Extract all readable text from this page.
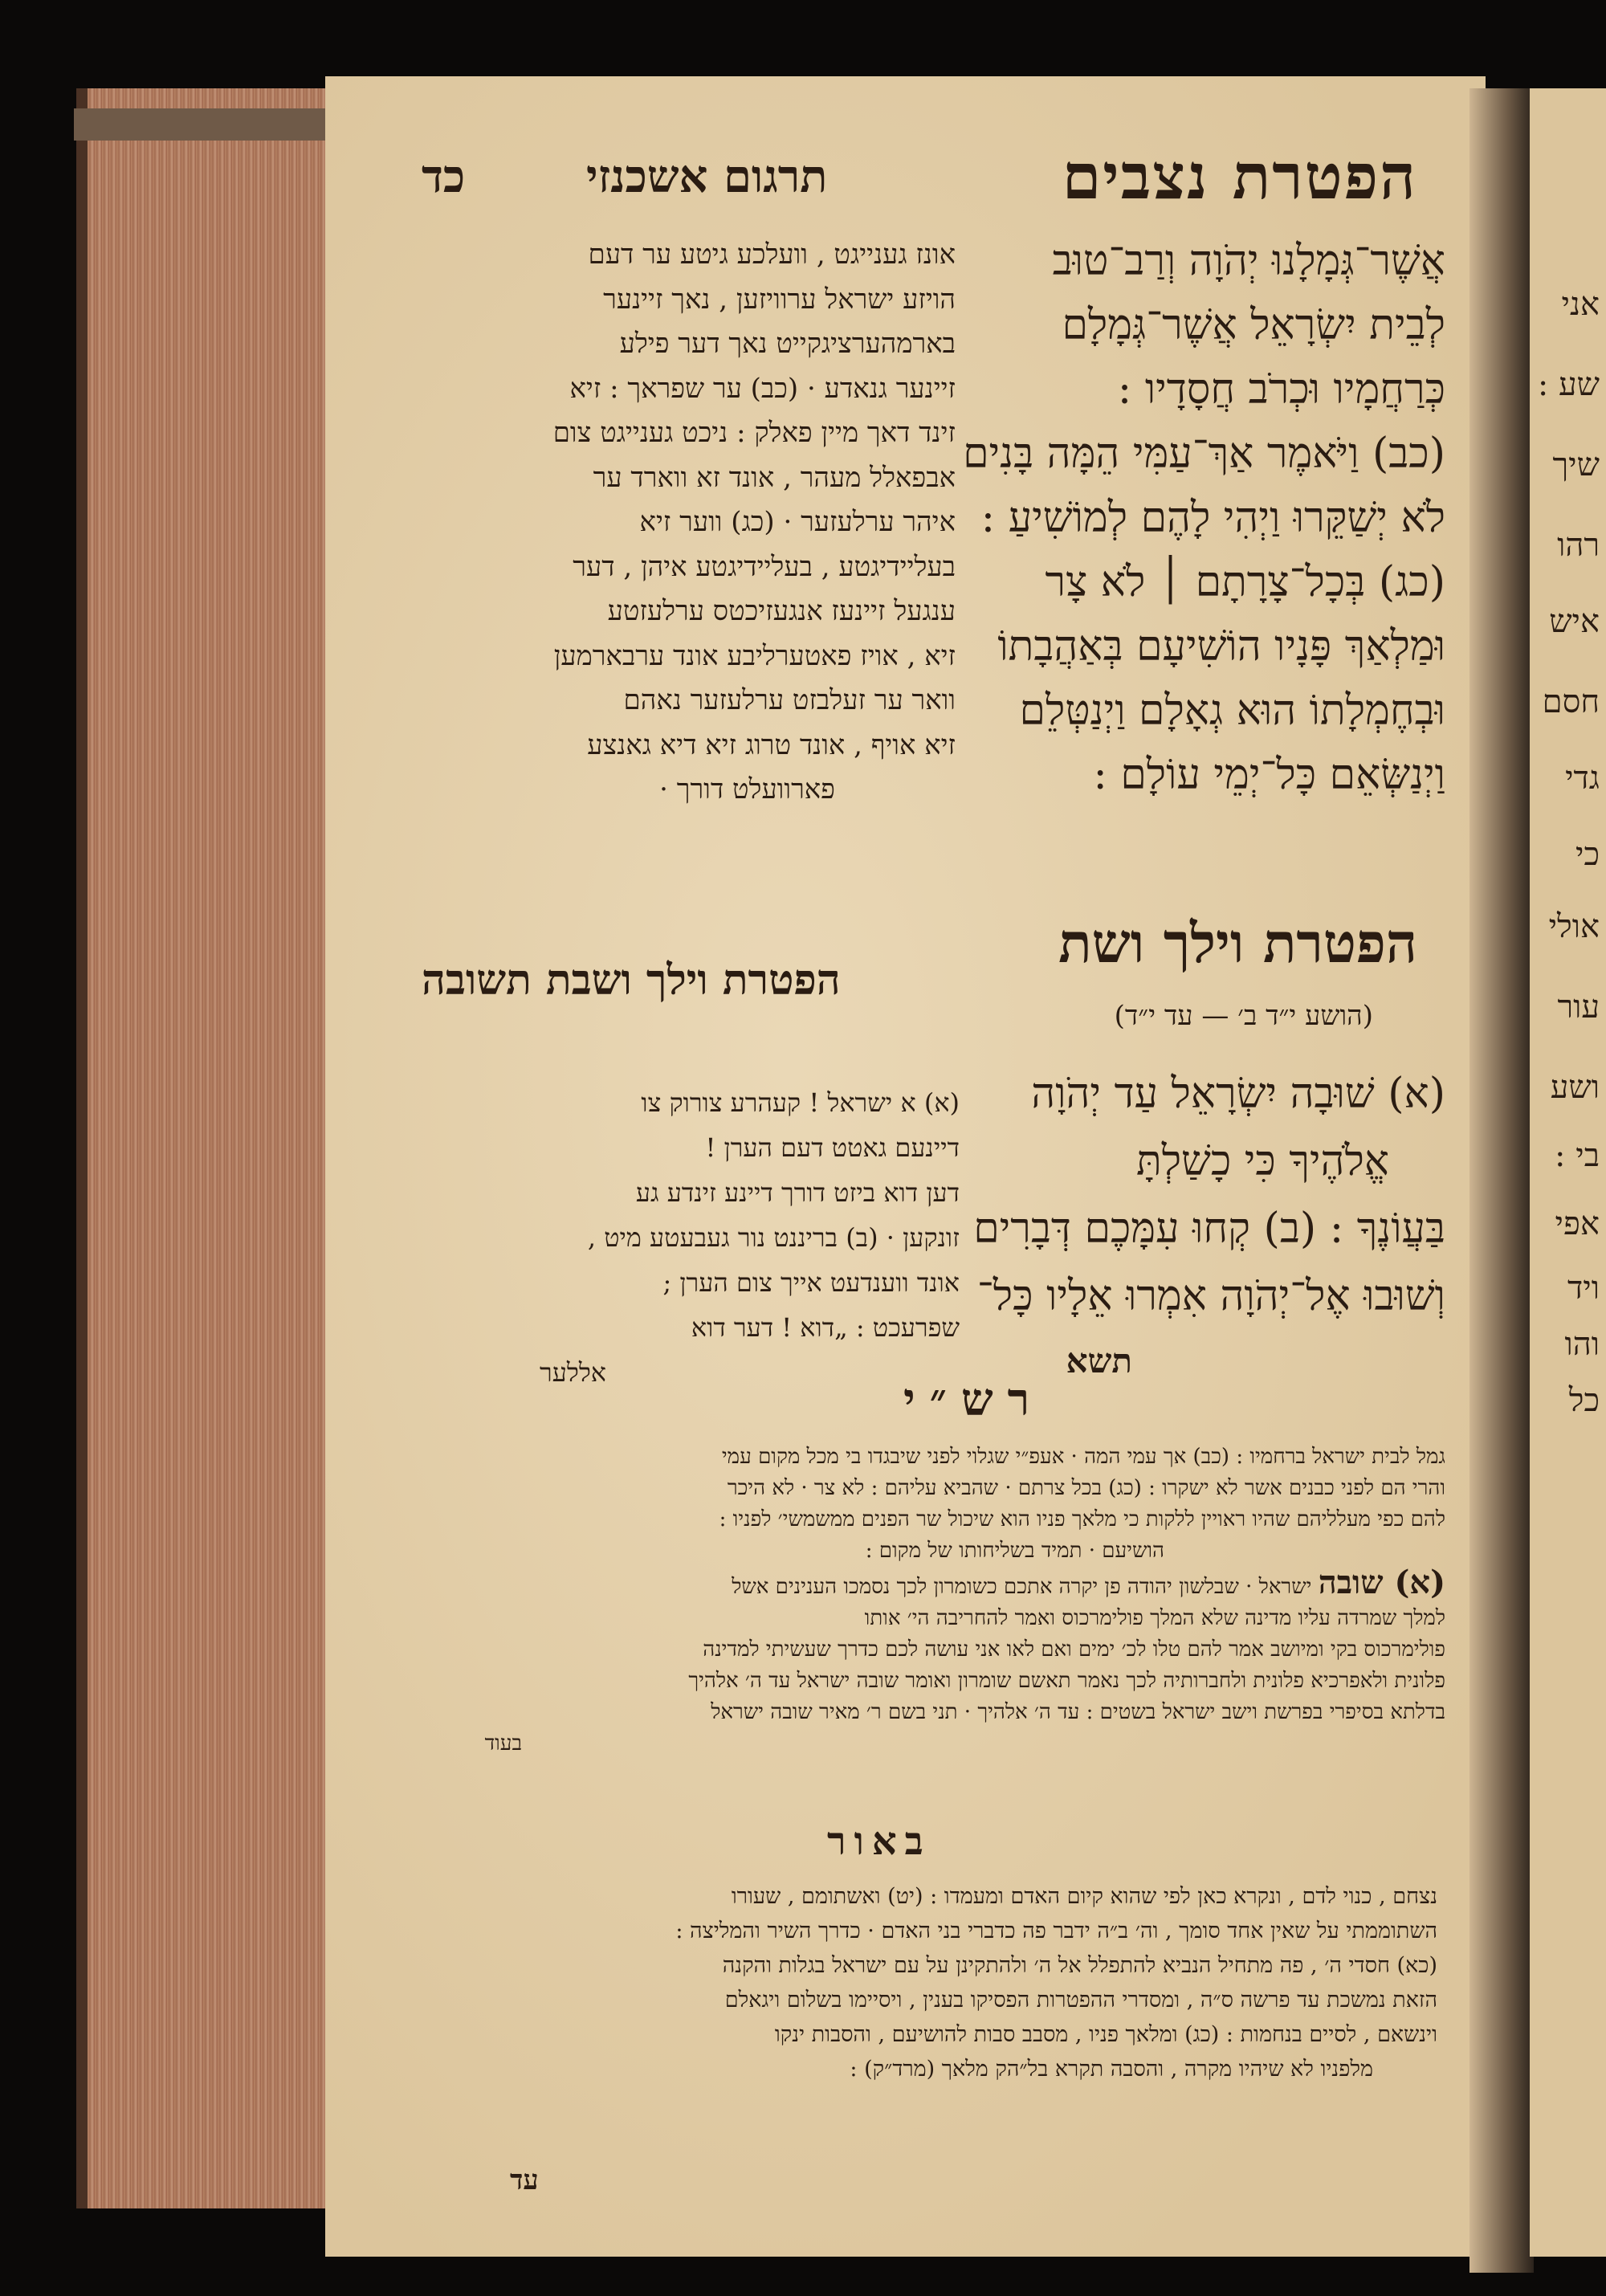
הפטרת נצבים
תרגום אשכנזי
כד
אֲשֶׁר־גְּמָלָנוּ יְהֹוָה וְרַב־טוּב
לְבֵית יִשְׂרָאֵל אֲשֶׁר־גְּמָלָם
כְּרַחֲמָיו וּכְרֹב חֲסָדָיו :
(כב) וַיֹּאמֶר אַךְ־עַמִּי הֵמָּה בָּנִים
לֹא יְשַׁקֵּרוּ וַיְהִי לָהֶם לְמוֹשִׁיעַ :
(כג) בְּכָל־צָרָתָם ׀ לֹא צָר
וּמַלְאַךְ פָּנָיו הוֹשִׁיעָם בְּאַהֲבָתוֹ
וּבְחֶמְלָתוֹ הוּא גְאָלָם וַיְנַטְּלֵם
וַיְנַשְּׂאֵם כָּל־יְמֵי עוֹלָם :
אונז גענייגט , וועלכע גיטע ער דעם
הויזע ישראל ערוויזען , נאך זיינער
בארמהערציגקייט נאך דער פילע
זיינער גנאדע · (כב) ער שפראך : זיא
זינד דאך מיין פאלק : ניכט גענייגט צום
אבפאלל מעהר , אונד זא ווארד ער
איהר ערלעזער · (כג) ווער זיא
בעליידיגטע , בעליידיגטע איהן , דער
ענגעל זיינעז אנגעזיכטס ערלעזטע
זיא , אויז פאטערליבע אונד ערבארמען
וואר ער זעלבזט ערלעזער נאהם
זיא אויף , אונד טרוג זיא דיא גאנצע
פארוועלט דורך ·
הפטרת וילך ושת
(הושע י״ד ב׳ — עד י״ד)
הפטרת וילך ושבת תשובה
(א) שׁוּבָה יִשְׂרָאֵל עַד יְהֹוָה
אֱלֹהֶיךָ כִּי כָשַׁלְתָּ
בַּעֲוֹנֶךָ : (ב) קְחוּ עִמָּכֶם דְּבָרִים
וְשׁוּבוּ אֶל־יְהֹוָה אִמְרוּ אֵלָיו כָּל־
תשא
(א) א ישראל ! קעהרע צורוק צו
דיינעם גאטט דעם הערן !
דען דוא ביזט דורך דיינע זינדע גע
זונקען · (ב) בריננט נור געבעטע מיט ,
אונד ווענדעט אייך צום הערן ;
שפרעכט : „דוא ! דער דוא
אללער
רש״י
גמל לבית ישראל ברחמיו : (כב) אך עמי המה · אעפ״י שגלוי לפני שיבגדו בי מכל מקום עמי
והרי הם לפני כבנים אשר לא ישקרו : (כג) בכל צרתם · שהביא עליהם : לא צר · לא היכר
להם כפי מעלליהם שהיו ראויין ללקות כי מלאך פניו הוא שיכול שר הפנים ממשמשי׳ לפניו :
הושיעם · תמיד בשליחותו של מקום :
(א) שובה ישראל · שבלשון יהודה פן יקרה אתכם כשומרון לכך נסמכו הענינים אשל
למלך שמרדה עליו מדינה שלא המלך פולימרכוס ואמר להחריבה הי׳ אותו
פולימרכוס בקי ומיושב אמר להם טלו לכ׳ ימים ואם לאו אני עושה לכם כדרך שעשיתי למדינה
פלונית ולאפרכיא פלונית ולחברותיה לכך נאמר תאשם שומרון ואומר שובה ישראל עד ה׳ אלהיך
בדלתא בסיפרי בפרשת וישב ישראל בשטים : עד ה׳ אלהיך · תני בשם ר׳ מאיר שובה ישראל
בעוד
באור
נצחם , כנוי לדם , ונקרא כאן לפי שהוא קיום האדם ומעמדו : (יט) ואשתומם , שעורו
השתוממתי על שאין אחד סומך , וה׳ ב״ה ידבר פה כדברי בני האדם · כדרך השיר והמליצה :
(כא) חסדי ה׳ , פה מתחיל הנביא להתפלל אל ה׳ ולהתקינן על עם ישראל בגלות והקנה
הזאת נמשכת עד פרשה ס״ה , ומסדרי ההפטרות הפסיקו בענין , ויסיימו בשלום ויגאלם
וינשאם , לסיים בנחמות : (כג) ומלאך פניו , מסבב סבות להושיעם , והסבות ינקו
מלפניו לא שיהיו מקרה , והסבה תקרא בל״הק מלאך (מרד״ק) :
עד
אני
שע :
שיך
רהו
איש
חסם
גדי
כי
אולי
עור
ושע
בי :
אפי
ויד
והו
כל
